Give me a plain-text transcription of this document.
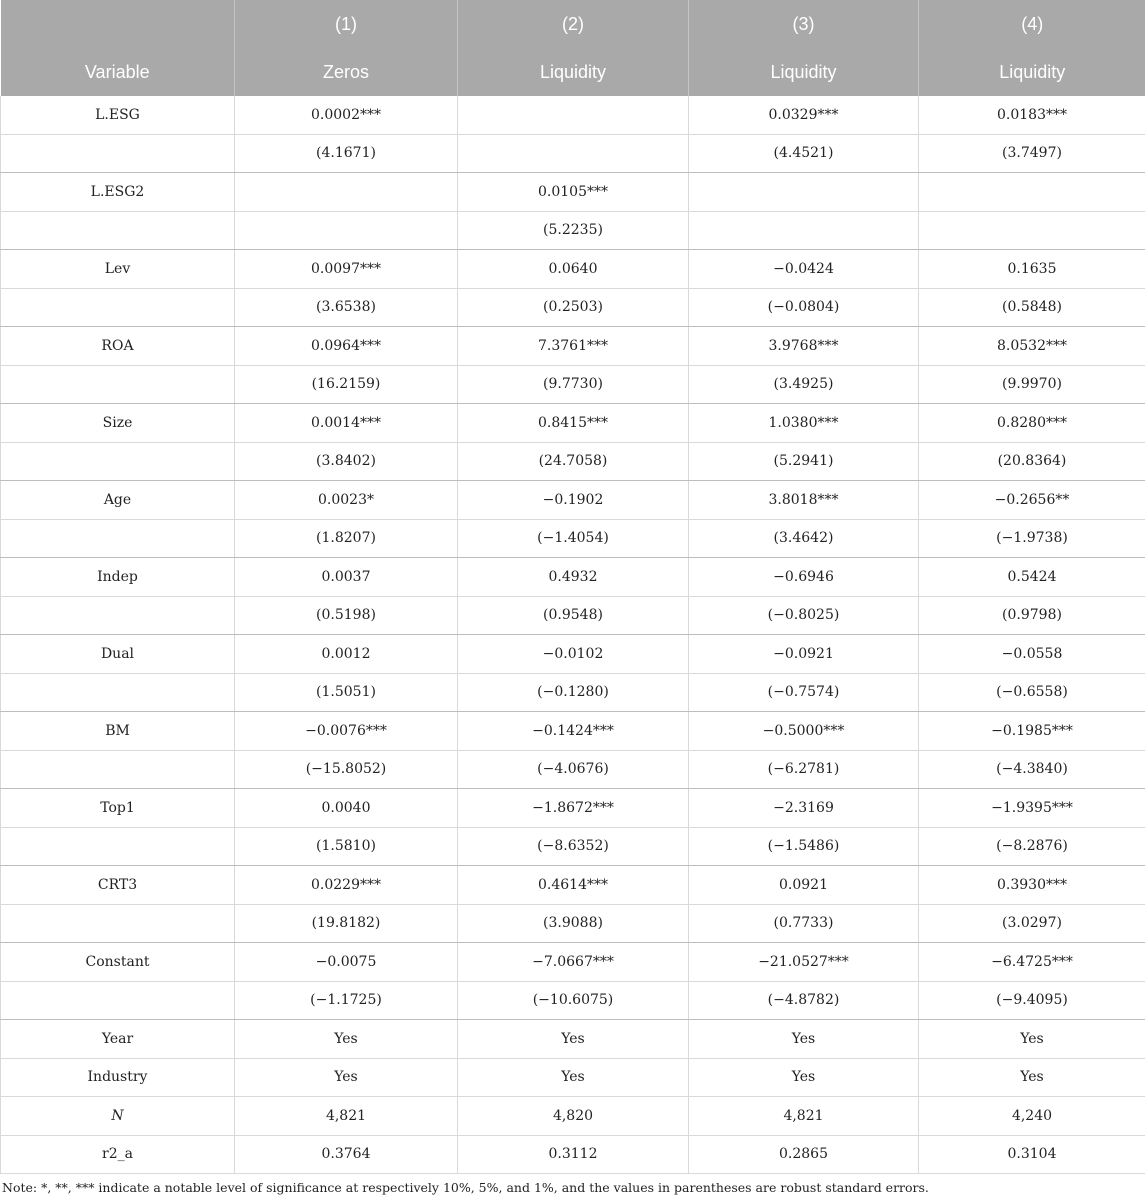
	(1)	(2)	(3)	(4)
Variable	Zeros	Liquidity	Liquidity	Liquidity
L.ESG	0.0002***		0.0329***	0.0183***
	(4.1671)		(4.4521)	(3.7497)
L.ESG2		0.0105***		
		(5.2235)		
Lev	0.0097***	0.0640	−0.0424	0.1635
	(3.6538)	(0.2503)	(−0.0804)	(0.5848)
ROA	0.0964***	7.3761***	3.9768***	8.0532***
	(16.2159)	(9.7730)	(3.4925)	(9.9970)
Size	0.0014***	0.8415***	1.0380***	0.8280***
	(3.8402)	(24.7058)	(5.2941)	(20.8364)
Age	0.0023*	−0.1902	3.8018***	−0.2656**
	(1.8207)	(−1.4054)	(3.4642)	(−1.9738)
Indep	0.0037	0.4932	−0.6946	0.5424
	(0.5198)	(0.9548)	(−0.8025)	(0.9798)
Dual	0.0012	−0.0102	−0.0921	−0.0558
	(1.5051)	(−0.1280)	(−0.7574)	(−0.6558)
BM	−0.0076***	−0.1424***	−0.5000***	−0.1985***
	(−15.8052)	(−4.0676)	(−6.2781)	(−4.3840)
Top1	0.0040	−1.8672***	−2.3169	−1.9395***
	(1.5810)	(−8.6352)	(−1.5486)	(−8.2876)
CRT3	0.0229***	0.4614***	0.0921	0.3930***
	(19.8182)	(3.9088)	(0.7733)	(3.0297)
Constant	−0.0075	−7.0667***	−21.0527***	−6.4725***
	(−1.1725)	(−10.6075)	(−4.8782)	(−9.4095)
Year	Yes	Yes	Yes	Yes
Industry	Yes	Yes	Yes	Yes
N	4,821	4,820	4,821	4,240
r2_a	0.3764	0.3112	0.2865	0.3104
Note: *, **, *** indicate a notable level of significance at respectively 10%, 5%, and 1%, and the values in parentheses are robust standard errors.
